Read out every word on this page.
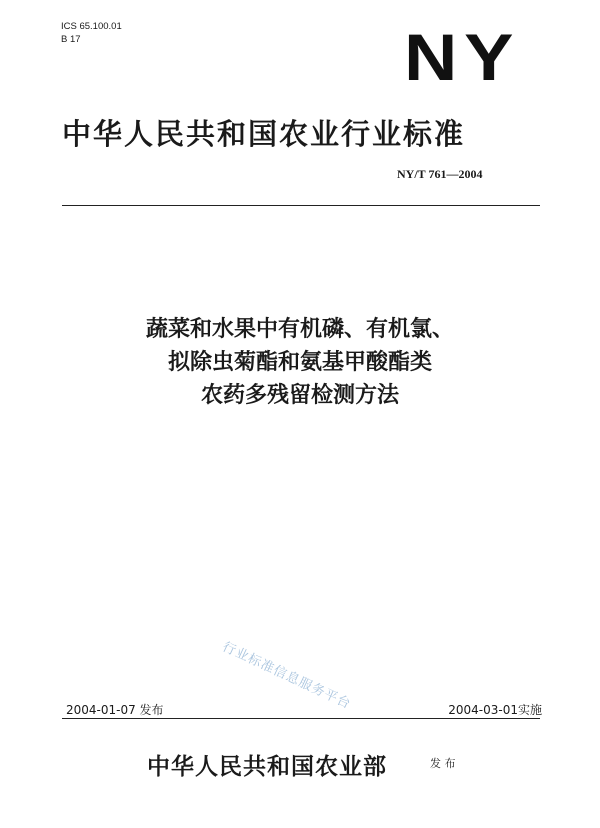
ICS 65.100.01
B 17	NY
中华人民共和国农业行业标准
NY/T 761—2004
蔬菜和水果中有机磷、有机氯、
拟除虫菊酯和氨基甲酸酯类
农药多残留检测方法
行业标准信息服务平台
2004-01-07 发布	2004-03-01实施
中华人民共和国农业部	发 布
